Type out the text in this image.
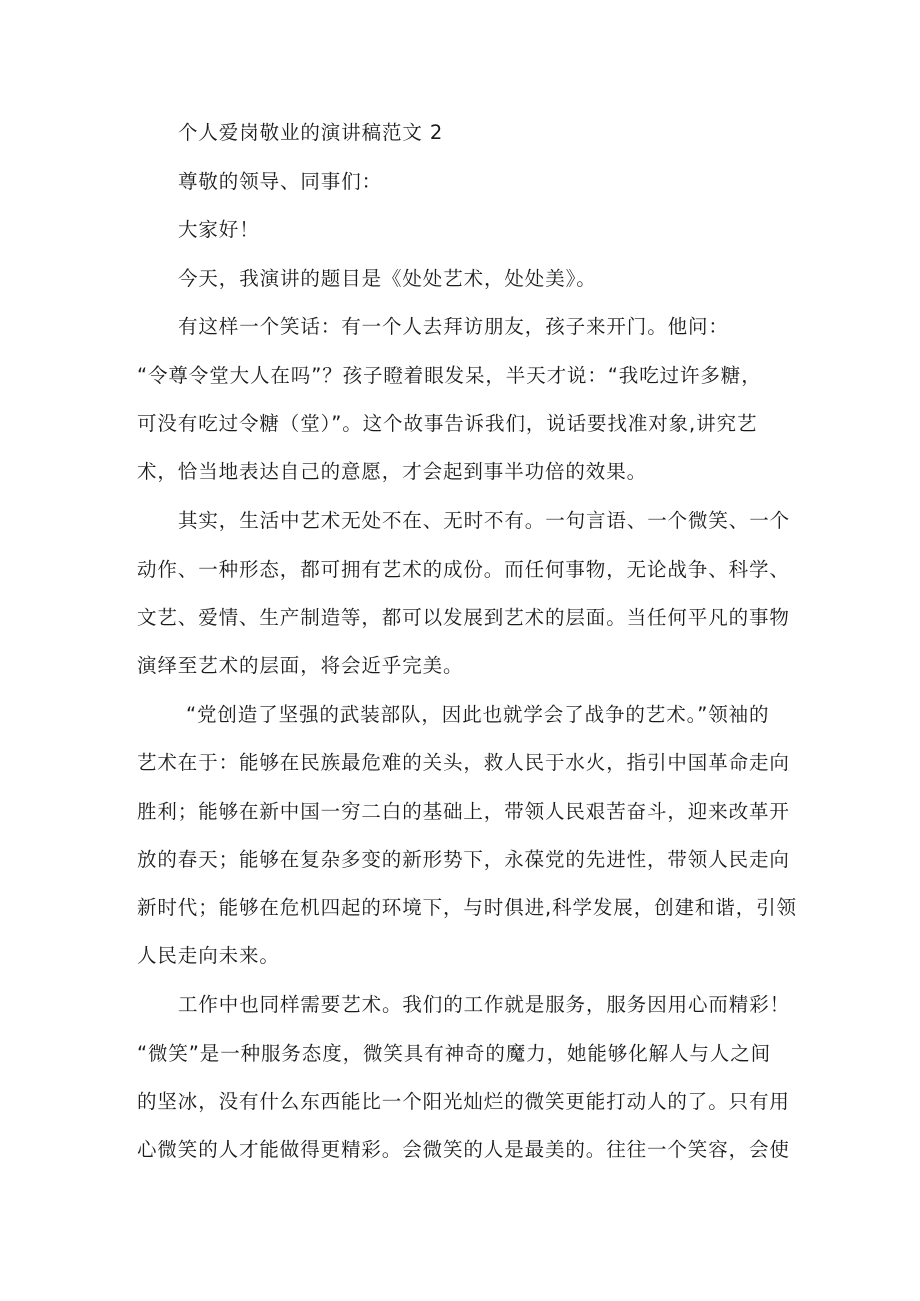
个人爱岗敬业的演讲稿范文 2

尊敬的领导、同事们：

大家好！

今天，我演讲的题目是《处处艺术，处处美》。

有这样一个笑话：有一个人去拜访朋友，孩子来开门。他问：

“令尊令堂大人在吗”？孩子瞪着眼发呆，半天才说：“我吃过许多糖，

可没有吃过令糖（堂）”。这个故事告诉我们，说话要找准对象,讲究艺

术，恰当地表达自己的意愿，才会起到事半功倍的效果。

其实，生活中艺术无处不在、无时不有。一句言语、一个微笑、一个

动作、一种形态，都可拥有艺术的成份。而任何事物，无论战争、科学、

文艺、爱情、生产制造等，都可以发展到艺术的层面。当任何平凡的事物

演绎至艺术的层面，将会近乎完美。

“党创造了坚强的武装部队，因此也就学会了战争的艺术。”领袖的

艺术在于：能够在民族最危难的关头，救人民于水火，指引中国革命走向

胜利；能够在新中国一穷二白的基础上，带领人民艰苦奋斗，迎来改革开

放的春天；能够在复杂多变的新形势下，永葆党的先进性，带领人民走向

新时代；能够在危机四起的环境下，与时俱进,科学发展，创建和谐，引领

人民走向未来。

工作中也同样需要艺术。我们的工作就是服务，服务因用心而精彩！

“微笑”是一种服务态度，微笑具有神奇的魔力，她能够化解人与人之间

的坚冰，没有什么东西能比一个阳光灿烂的微笑更能打动人的了。只有用

心微笑的人才能做得更精彩。会微笑的人是最美的。往往一个笑容，会使
